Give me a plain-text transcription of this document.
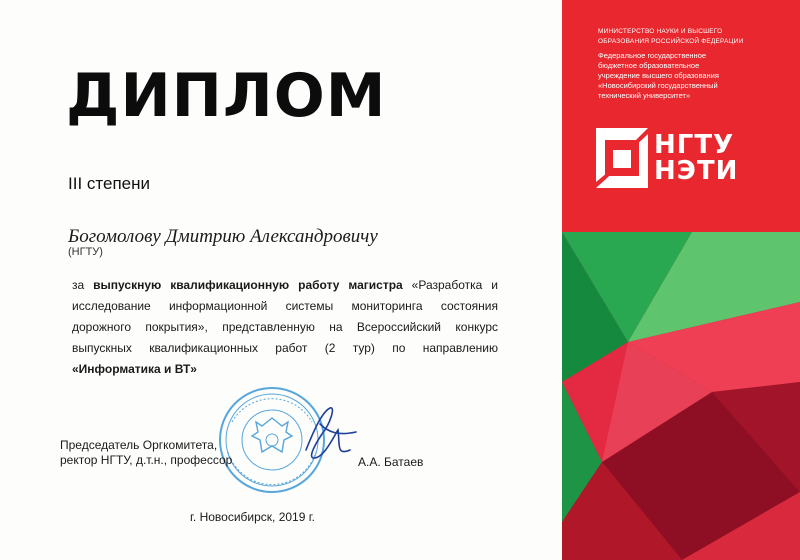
ДИПЛОМ
III степени
Богомолову Дмитрию Александровичу
(НГТУ)
за выпускную квалификационную работу магистра «Разработка и исследование информационной системы мониторинга состояния дорожного покрытия», представленную на Всероссийский конкурс выпускных квалификационных работ (2 тур) по направлению «Информатика и ВТ»
Председатель Оргкомитета,
ректор НГТУ, д.т.н., профессор	А.А. Батаев
г. Новосибирск, 2019 г.
МИНИСТЕРСТВО НАУКИ И ВЫСШЕГО
ОБРАЗОВАНИЯ РОССИЙСКОЙ ФЕДЕРАЦИИ
Федеральное государственное
бюджетное образовательное
учреждение высшего образования
«Новосибирский государственный
технический университет»
НГТУ
НЭТИ
